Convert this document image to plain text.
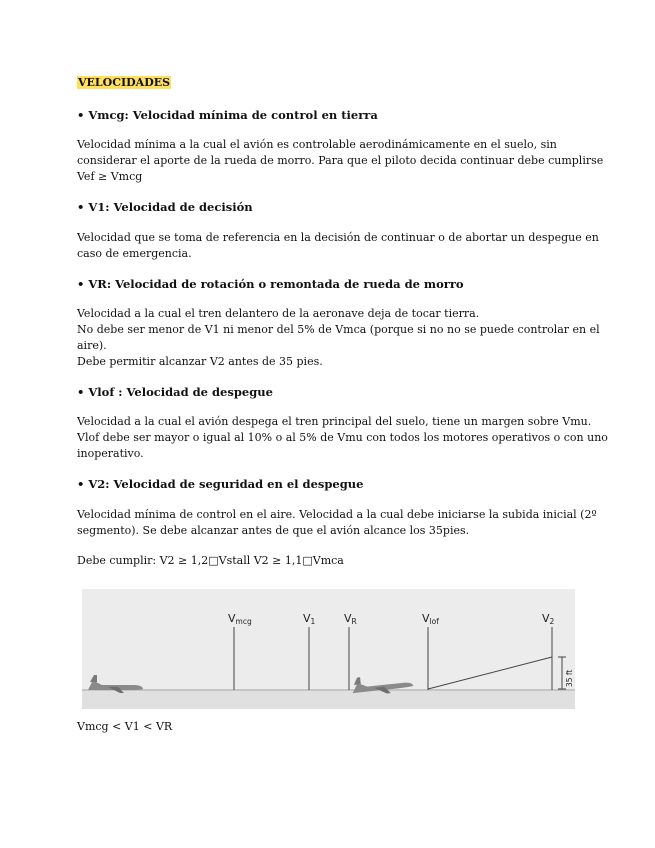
VELOCIDADES

• Vmcg: Velocidad mínima de control en tierra

Velocidad mínima a la cual el avión es controlable aerodinámicamente en el suelo, sin

considerar el aporte de la rueda de morro. Para que el piloto decida continuar debe cumplirse

Vef ≥ Vmcg

• V1: Velocidad de decisión

Velocidad que se toma de referencia en la decisión de continuar o de abortar un despegue en

caso de emergencia.

• VR: Velocidad de rotación o remontada de rueda de morro

Velocidad a la cual el tren delantero de la aeronave deja de tocar tierra.

No debe ser menor de V1 ni menor del 5% de Vmca (porque si no no se puede controlar en el

aire).

Debe permitir alcanzar V2 antes de 35 pies.

• Vlof : Velocidad de despegue

Velocidad a la cual el avión despega el tren principal del suelo, tiene un margen sobre Vmu.

Vlof debe ser mayor o igual al 10% o al 5% de Vmu con todos los motores operativos o con uno

inoperativo.

• V2: Velocidad de seguridad en el despegue

Velocidad mínima de control en el aire. Velocidad a la cual debe iniciarse la subida inicial (2º

segmento). Se debe alcanzar antes de que el avión alcance los 35pies.

Debe cumplir: V2 ≥ 1,2□Vstall V2 ≥ 1,1□Vmca

35 ft
Vmcg	V1	VR	Vlof	V2

Vmcg < V1 < VR
